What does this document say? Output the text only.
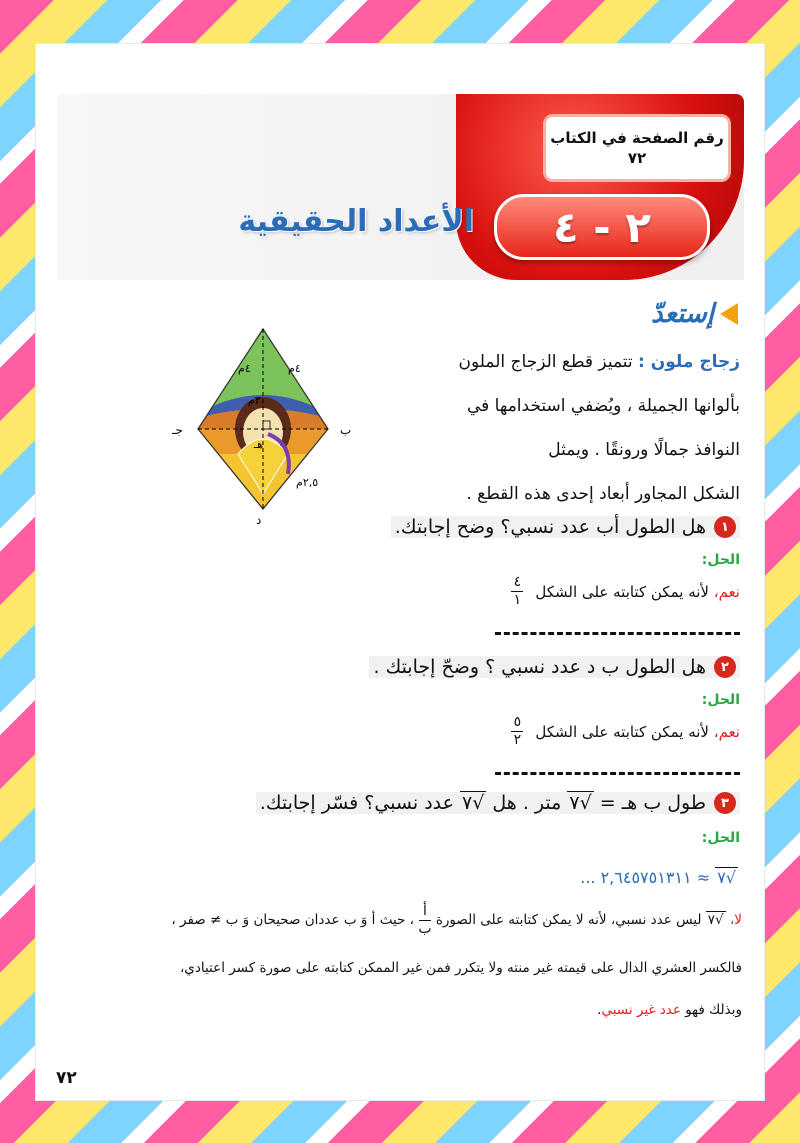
رقم الصفحة في الكتاب
٧٢
٢ - ٤
الأعداد الحقيقية
إستعدّ
زجاج ملون : تتميز قطع الزجاج الملون
بألوانها الجميلة ، ويُضفي استخدامها في
النوافذ جمالًا ورونقًا . ويمثل
الشكل المجاور أبعاد إحدى هذه القطع .
٤م	٤م
٣م
جـ	ب
٢,٥م
د
هـ
١
هل الطول أب عدد نسبي؟ وضح إجابتك.
الحل:
نعم، لأنه يمكن كتابته على الشكل
$\frac{٤}{١}$
٢
هل الطول ب د عدد نسبي ؟ وضحّ إجابتك .
الحل:
نعم، لأنه يمكن كتابته على الشكل
$\frac{٥}{٢}$
٣
طول ب هـ = √٧ متر . هل √٧ عدد نسبي؟ فسّر إجابتك.
الحل:
√٧ ≈ ٢,٦٤٥٧٥١٣١١ ...
لا، √٧ ليس عدد نسبي، لأنه لا يمكن كتابته على الصورة
$\frac{\text{أ}}{\text{ب}}$
، حيث أ وَ ب عددان صحيحان وَ ب ≠ صفر ،
فالكسر العشري الدال على قيمته غير منته ولا يتكرر فمن غير الممكن كتابته على صورة كسر اعتيادي،
وبذلك فهو عدد غير نسبي.
٧٢
